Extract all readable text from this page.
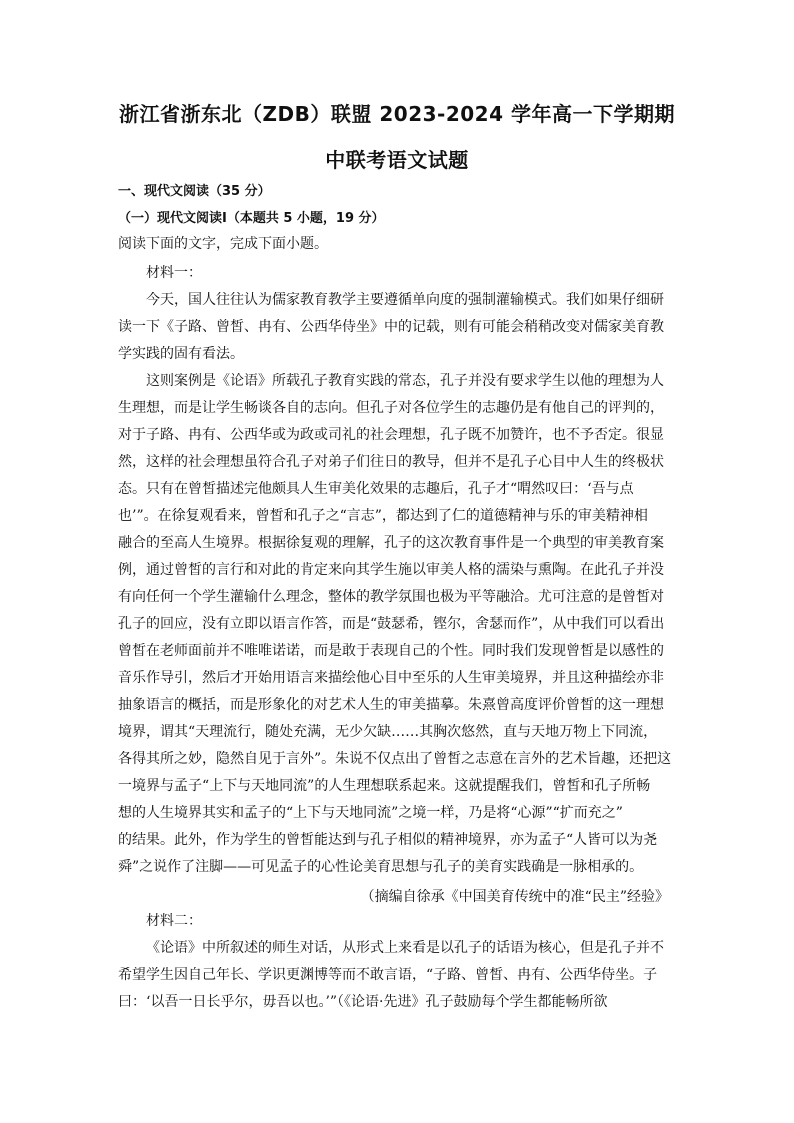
浙江省浙东北（ZDB）联盟 2023-2024 学年高一下学期期
中联考语文试题
一、现代文阅读（35 分）
（一）现代文阅读Ⅰ（本题共 5 小题，19 分）
阅读下面的文字，完成下面小题。
材料一：
今天，国人往往认为儒家教育教学主要遵循单向度的强制灌输模式。我们如果仔细研
读一下《子路、曾皙、冉有、公西华侍坐》中的记载，则有可能会稍稍改变对儒家美育教
学实践的固有看法。
这则案例是《论语》所载孔子教育实践的常态，孔子并没有要求学生以他的理想为人
生理想，而是让学生畅谈各自的志向。但孔子对各位学生的志趣仍是有他自己的评判的，
对于子路、冉有、公西华或为政或司礼的社会理想，孔子既不加赞许，也不予否定。很显
然，这样的社会理想虽符合孔子对弟子们往日的教导，但并不是孔子心目中人生的终极状
态。只有在曾皙描述完他颇具人生审美化效果的志趣后，孔子才“喟然叹曰：‘吾与点
也’”。在徐复观看来，曾皙和孔子之“言志”，都达到了仁的道德精神与乐的审美精神相
融合的至高人生境界。根据徐复观的理解，孔子的这次教育事件是一个典型的审美教育案
例，通过曾皙的言行和对此的肯定来向其学生施以审美人格的濡染与熏陶。在此孔子并没
有向任何一个学生灌输什么理念，整体的教学氛围也极为平等融洽。尤可注意的是曾皙对
孔子的回应，没有立即以语言作答，而是“鼓瑟希，铿尔，舍瑟而作”，从中我们可以看出
曾皙在老师面前并不唯唯诺诺，而是敢于表现自己的个性。同时我们发现曾皙是以感性的
音乐作导引，然后才开始用语言来描绘他心目中至乐的人生审美境界，并且这种描绘亦非
抽象语言的概括，而是形象化的对艺术人生的审美描摹。朱熹曾高度评价曾皙的这一理想
境界，谓其“天理流行，随处充满，无少欠缺……其胸次悠然，直与天地万物上下同流，
各得其所之妙，隐然自见于言外”。朱说不仅点出了曾皙之志意在言外的艺术旨趣，还把这
一境界与孟子“上下与天地同流”的人生理想联系起来。这就提醒我们，曾皙和孔子所畅
想的人生境界其实和孟子的“上下与天地同流”之境一样，乃是将“心源”“扩而充之”
的结果。此外，作为学生的曾皙能达到与孔子相似的精神境界，亦为孟子“人皆可以为尧
舜”之说作了注脚——可见孟子的心性论美育思想与孔子的美育实践确是一脉相承的。
（摘编自徐承《中国美育传统中的准“民主”经验》
材料二：
《论语》中所叙述的师生对话，从形式上来看是以孔子的话语为核心，但是孔子并不
希望学生因自己年长、学识更渊博等而不敢言语，“子路、曾皙、冉有、公西华侍坐。子
曰：‘以吾一日长乎尔，毋吾以也。’”（《论语·先进》孔子鼓励每个学生都能畅所欲
